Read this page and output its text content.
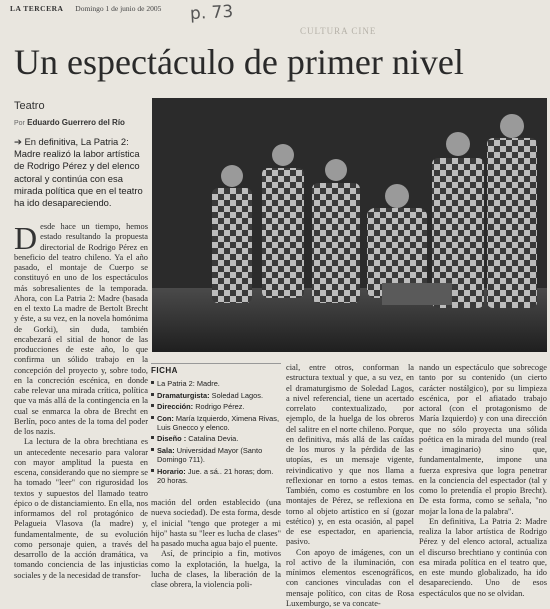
LA TERCERA Domingo 1 de junio de 2005 p. 73
CULTURA CINE
Un espectáculo de primer nivel
Teatro
Por Eduardo Guerrero del Río
➔ En definitiva, La Patria 2: Madre realizó la labor artística de Rodrigo Pérez y del elenco actoral y continúa con esa mirada política que en el teatro ha ido desapareciendo.

Desde hace un tiempo, hemos estado resultando la propuesta directorial de Rodrigo Pérez en beneficio del teatro chileno. Ya el año pasado, el montaje de Cuerpo se constituyó en uno de los espectáculos más sobresalientes de la temporada. Ahora, con La Patria 2: Madre (basada en el texto La madre de Bertolt Brecht y éste, a su vez, en la novela homónima de Gorki), sin duda, también encabezará el sitial de honor de las producciones de este año, lo que confirma un sólido trabajo en la concepción del proyecto y, sobre todo, en la concreción escénica, en donde cabe relevar una mirada crítica, política que va más allá de la contingencia en la cual se enmarca la obra de Brecht en Berlín, poco antes de la toma del poder de los nazis.

La lectura de la obra brechtiana es un antecedente necesario para valorar con mayor amplitud la puesta en escena, considerando que no siempre se ha tomado "leer" con rigurosidad los textos y supuestos del llamado teatro épico o de distanciamiento. En ella, nos informamos del rol protagónico de Pelagueia Vlasova (la madre) y, fundamentalmente, de su evolución como personaje quien, a través del desarrollo de la acción dramática, va tomando conciencia de las injusticias sociales y de la necesidad de transfor-

FICHA
La Patria 2: Madre.
Dramaturgista: Soledad Lagos.
Dirección: Rodrigo Pérez.
Con: María Izquierdo, Ximena Rivas, Luis Gnecco y elenco.
Diseño : Catalina Devia.
Sala: Universidad Mayor (Santo Domingo 711).
Horario: Jue. a sá.. 21 horas; dom. 20 horas.

mación del orden establecido (una nueva sociedad). De esta forma, desde el inicial "tengo que proteger a mi hijo" hasta su "leer es lucha de clases" ha pasado mucha agua bajo el puente.

Así, de principio a fin, motivos como la explotación, la huelga, la lucha de clases, la liberación de la clase obrera, la violencia poli-

cial, entre otros, conforman la estructura textual y que, a su vez, en el dramaturgismo de Soledad Lagos, a nivel referencial, tiene un acertado correlato contextualizado, por ejemplo, de la huelga de los obreros del salitre en el norte chileno. Porque, en definitiva, más allá de las caídas de los muros y la pérdida de las utopías, es un mensaje vigente, reivindicativo y que nos llama a reflexionar en torno a estos temas. También, como es costumbre en los montajes de Pérez, se reflexiona en torno al objeto artístico en sí (gozar estético) y, en esta ocasión, al papel de ese espectador, en apariencia, pasivo.

Con apoyo de imágenes, con un rol activo de la iluminación, con mínimos elementos escenográficos, con canciones vinculadas con el mensaje político, con citas de Rosa Luxemburgo, se va concate-

nando un espectáculo que sobrecoge tanto por su contenido (un cierto carácter nostálgico), por su limpieza escénica, por el afiatado trabajo actoral (con el protagonismo de María Izquierdo) y con una dirección que no sólo proyecta una sólida poética en la mirada del mundo (real e imaginario) sino que, fundamentalmente, impone una fuerza expresiva que logra penetrar en la conciencia del espectador (tal y como lo pretendía el propio Brecht). De esta forma, como se señala, "no mojar la lona de la palabra".

En definitiva, La Patria 2: Madre realiza la labor artística de Rodrigo Pérez y del elenco actoral, actualiza el discurso brechtiano y continúa con esa mirada política en el teatro que, en este mundo globalizado, ha ido desapareciendo. Uno de esos espectáculos que no se olvidan.
